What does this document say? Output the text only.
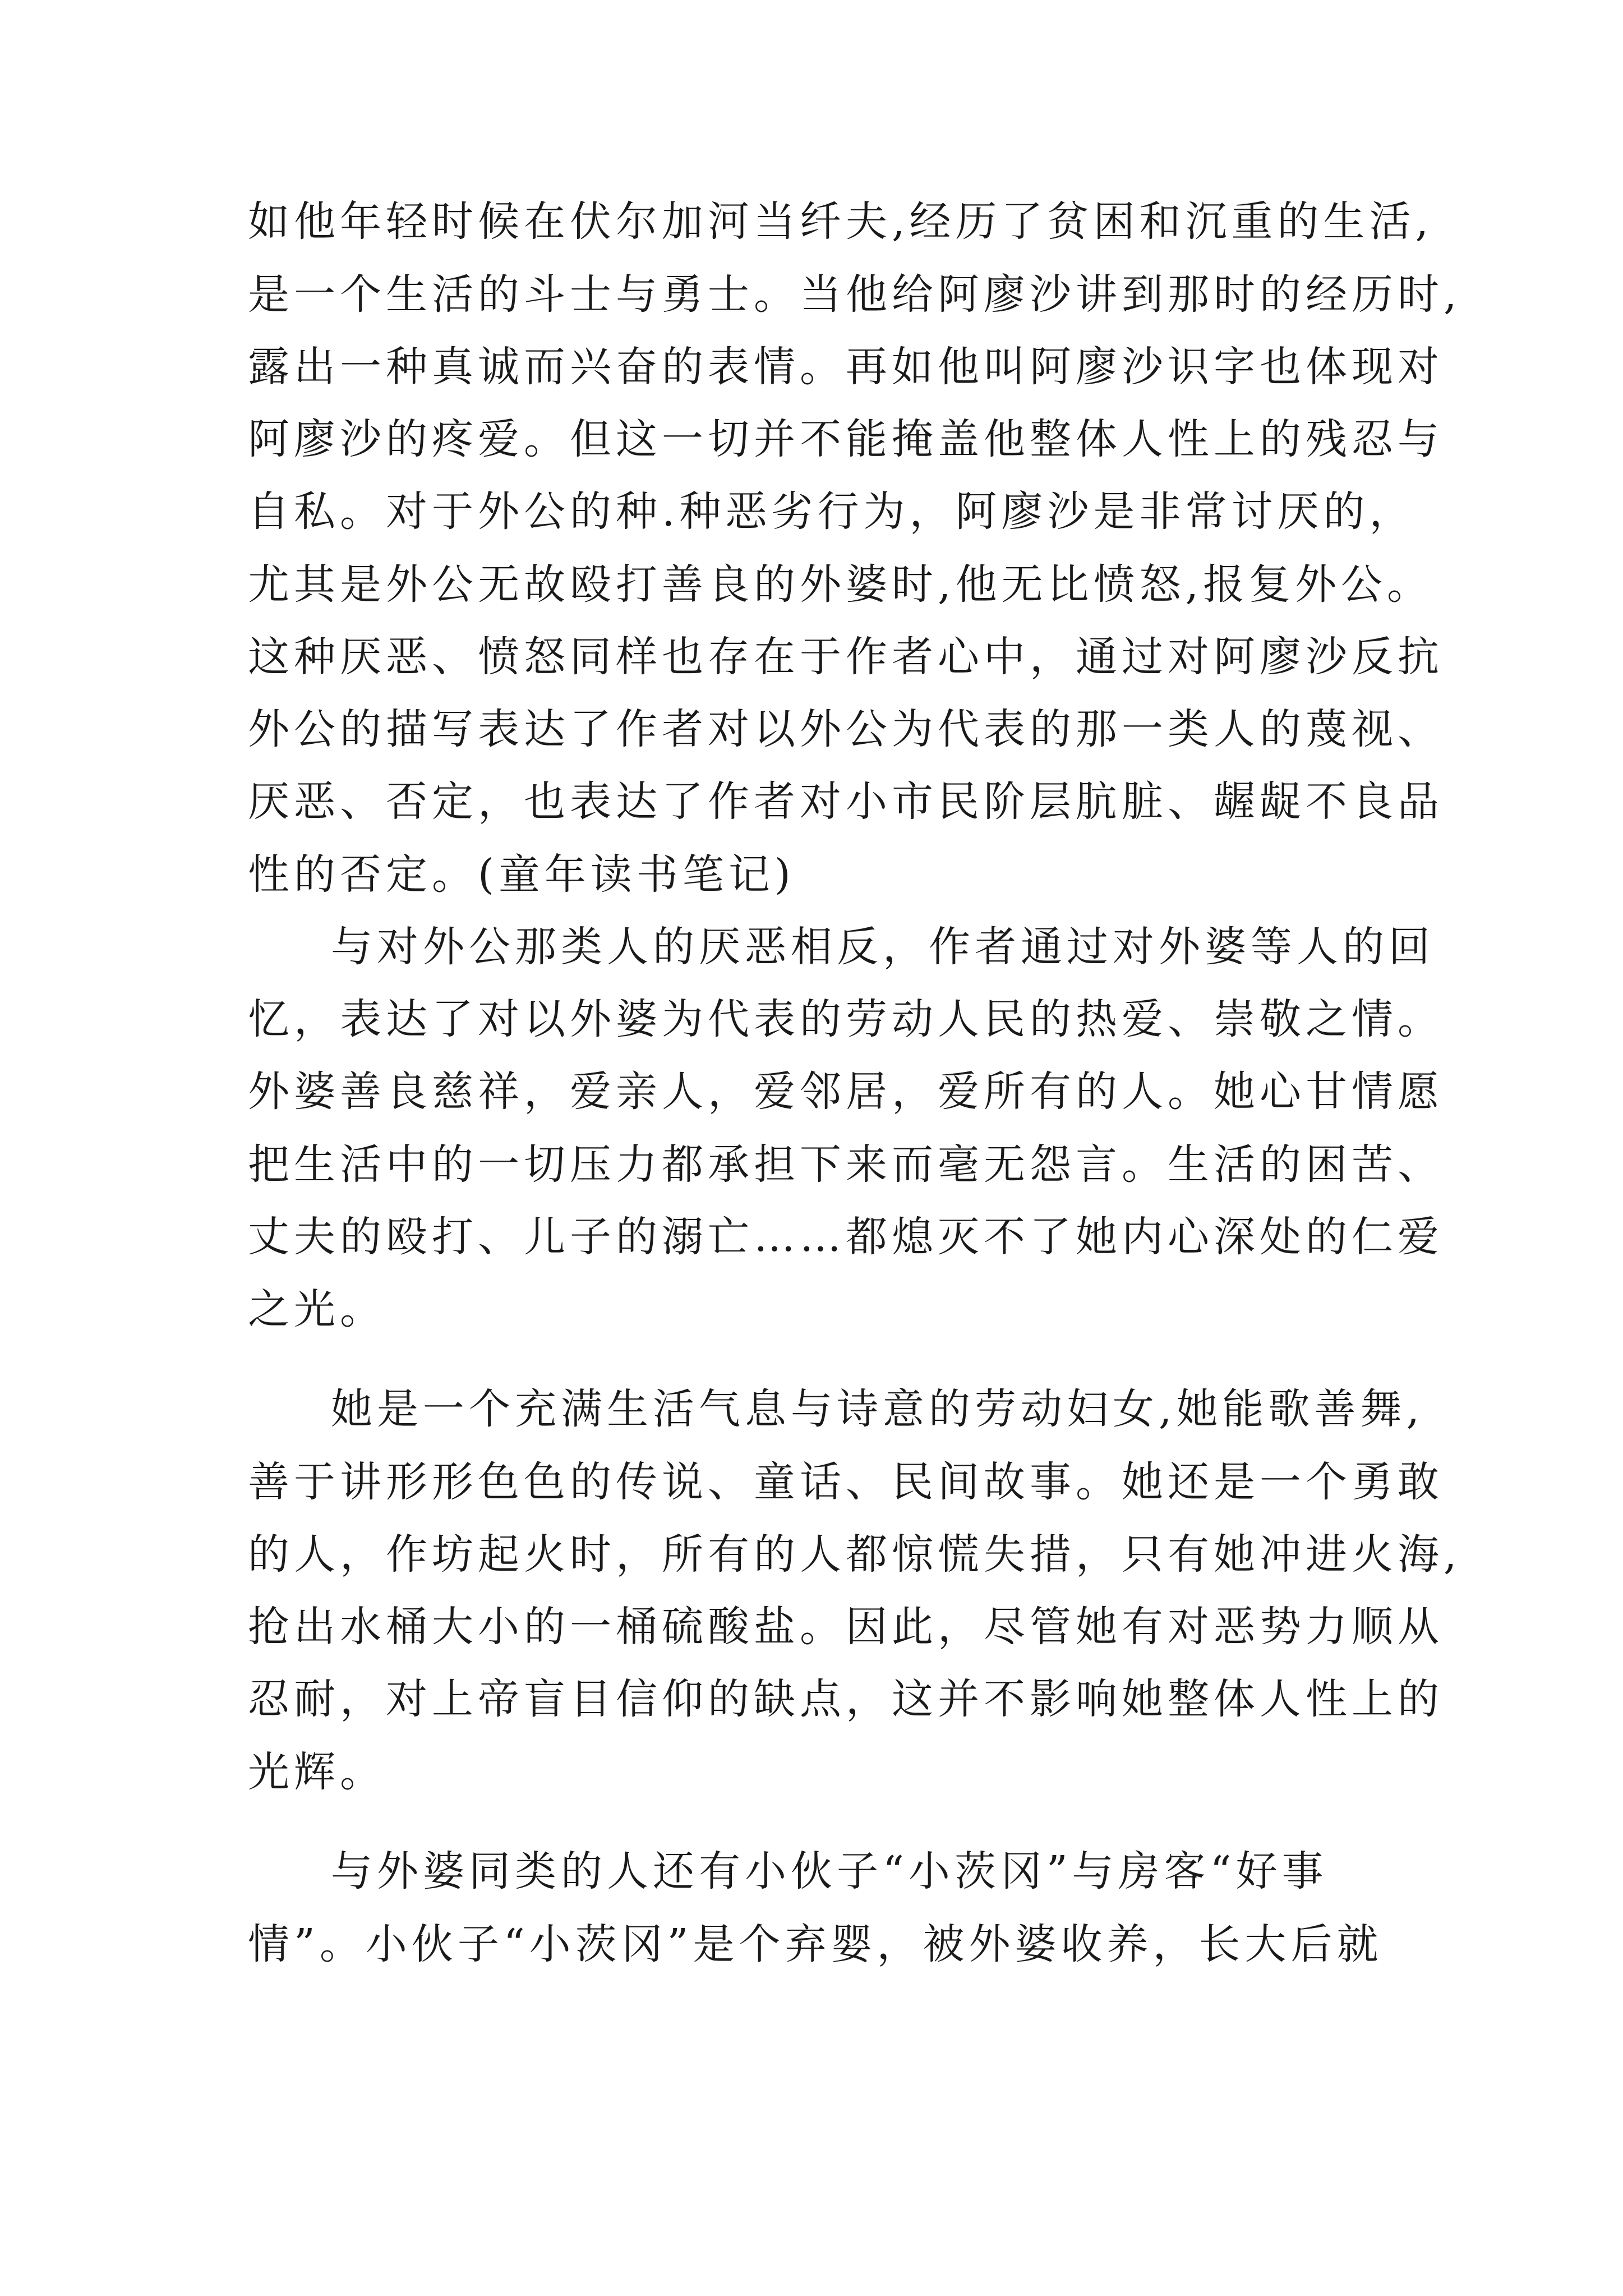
如他年轻时候在伏尔加河当纤夫,经历了贫困和沉重的生活,

是一个生活的斗士与勇士。当他给阿廖沙讲到那时的经历时,

露出一种真诚而兴奋的表情。再如他叫阿廖沙识字也体现对

阿廖沙的疼爱。但这一切并不能掩盖他整体人性上的残忍与

自私。对于外公的种.种恶劣行为，阿廖沙是非常讨厌的，

尤其是外公无故殴打善良的外婆时,他无比愤怒,报复外公。

这种厌恶、愤怒同样也存在于作者心中，通过对阿廖沙反抗

外公的描写表达了作者对以外公为代表的那一类人的蔑视、

厌恶、否定，也表达了作者对小市民阶层肮脏、龌龊不良品

性的否定。(童年读书笔记)

与对外公那类人的厌恶相反，作者通过对外婆等人的回

忆，表达了对以外婆为代表的劳动人民的热爱、崇敬之情。

外婆善良慈祥，爱亲人，爱邻居，爱所有的人。她心甘情愿

把生活中的一切压力都承担下来而毫无怨言。生活的困苦、

丈夫的殴打、儿子的溺亡……都熄灭不了她内心深处的仁爱

之光。

她是一个充满生活气息与诗意的劳动妇女,她能歌善舞,

善于讲形形色色的传说、童话、民间故事。她还是一个勇敢

的人，作坊起火时，所有的人都惊慌失措，只有她冲进火海,

抢出水桶大小的一桶硫酸盐。因此，尽管她有对恶势力顺从

忍耐，对上帝盲目信仰的缺点，这并不影响她整体人性上的

光辉。

与外婆同类的人还有小伙子“小茨冈”与房客“好事

情”。小伙子“小茨冈”是个弃婴，被外婆收养，长大后就
